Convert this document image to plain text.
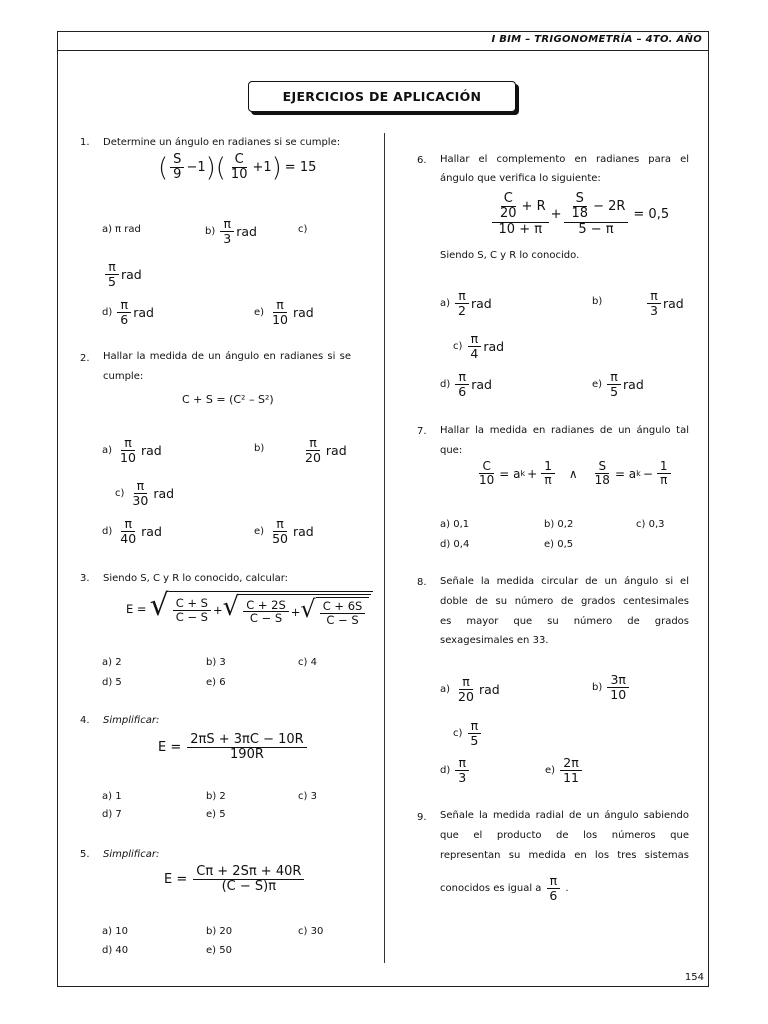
I BIM – TRIGONOMETRÍA – 4TO. AÑO
EJERCICIOS DE APLICACIÓN
1. Determine un ángulo en radianes si se cumple:
( $\frac{S}{9} -1$ ) ( $\frac{C}{10} +1$ ) = 15
a) π rad	$b) \frac{\pi}{3}$ rad	c)
$\frac{\pi}{5}$ rad
$d) \frac{\pi}{6}$ rad	$e) \frac{\pi}{10}$ rad
2. Hallar la medida de un ángulo en radianes si se cumple:
C + S = (C² – S²)
$a) \frac{\pi}{10}$ rad	b)	$\frac{\pi}{20}$ rad
$c) \frac{\pi}{30}$ rad
$d) \frac{\pi}{40}$ rad	$e) \frac{\pi}{50}$ rad
3. Siendo S, C y R lo conocido, calcular:
E = √ $\frac{C + S}{C - S}$ + √ $\frac{C + 2S}{C - S}$ + √ $\frac{C + 6S}{C - S}$
a) 2	b) 3	c) 4
d) 5	e) 6
4. Simplificar:
$E = \frac{2\pi S + 3\pi C - 10R}{190R}$
a) 1	b) 2	c) 3
d) 7	e) 5
5. Simplificar:
$E = \frac{C\pi + 2S\pi + 40R}{(C - S)\pi}$
a) 10	b) 20	c) 30
d) 40	e) 50
6. Hallar el complemento en radianes para el
ángulo que verifica lo siguiente:
$\frac{\frac{C}{20} + R}{10 + \pi} + \frac{\frac{S}{18} - 2R}{5 - \pi} = 0,5$
Siendo S, C y R lo conocido.
$a) \frac{\pi}{2}$ rad	b)	$\frac{\pi}{3}$ rad
$c) \frac{\pi}{4}$ rad
$d) \frac{\pi}{6}$ rad	$e) \frac{\pi}{5}$ rad
7. Hallar la medida en radianes de un ángulo tal
que:
$\frac{C}{10} = a$ $k + \frac{1}{\pi}$ ∧ $\frac{S}{18} = a$ $k - \frac{1}{\pi}$
a) 0,1	b) 0,2	c) 0,3
d) 0,4	e) 0,5
8. Señale la medida circular de un ángulo si el
doble de su número de grados centesimales
es mayor que su número de grados
sexagesimales en 33.
$a) \frac{\pi}{20}$ rad	$b) \frac{3\pi}{10}$
$c) \frac{\pi}{5}$
$d) \frac{\pi}{3}$	$e) \frac{2\pi}{11}$
9. Señale la medida radial de un ángulo sabiendo
que el producto de los números que
representan su medida en los tres sistemas
conocidos es igual a $\frac{\pi}{6}$ .
154
